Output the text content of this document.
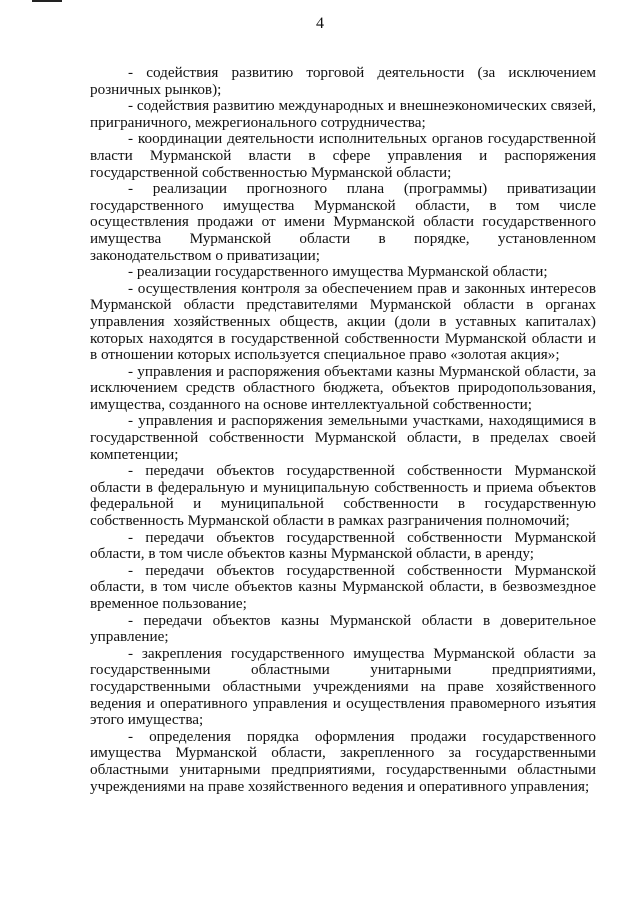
4

- содействия развитию торговой деятельности (за исключением розничных рынков);

- содействия развитию международных и внешнеэкономических связей, приграничного, межрегионального сотрудничества;

- координации деятельности исполнительных органов государственной власти Мурманской власти в сфере управления и распоряжения государственной собственностью Мурманской области;

- реализации прогнозного плана (программы) приватизации государственного имущества Мурманской области, в том числе осуществления продажи от имени Мурманской области государственного имущества Мурманской области в порядке, установленном законодательством о приватизации;

- реализации государственного имущества Мурманской области;

- осуществления контроля за обеспечением прав и законных интересов Мурманской области представителями Мурманской области в органах управления хозяйственных обществ, акции (доли в уставных капиталах) которых находятся в государственной собственности Мурманской области и в отношении которых используется специальное право «золотая акция»;

- управления и распоряжения объектами казны Мурманской области, за исключением средств областного бюджета, объектов природопользования, имущества, созданного на основе интеллектуальной собственности;

- управления и распоряжения земельными участками, находящимися в государственной собственности Мурманской области, в пределах своей компетенции;

- передачи объектов государственной собственности Мурманской области в федеральную и муниципальную собственность и приема объектов федеральной и муниципальной собственности в государственную собственность Мурманской области в рамках разграничения полномочий;

- передачи объектов государственной собственности Мурманской области, в том числе объектов казны Мурманской области, в аренду;

- передачи объектов государственной собственности Мурманской области, в том числе объектов казны Мурманской области, в безвозмездное временное пользование;

- передачи объектов казны Мурманской области в доверительное управление;

- закрепления государственного имущества Мурманской области за государственными областными унитарными предприятиями, государственными областными учреждениями на праве хозяйственного ведения и оперативного управления и осуществления правомерного изъятия этого имущества;

- определения порядка оформления продажи государственного имущества Мурманской области, закрепленного за государственными областными унитарными предприятиями, государственными областными учреждениями на праве хозяйственного ведения и оперативного управления;
